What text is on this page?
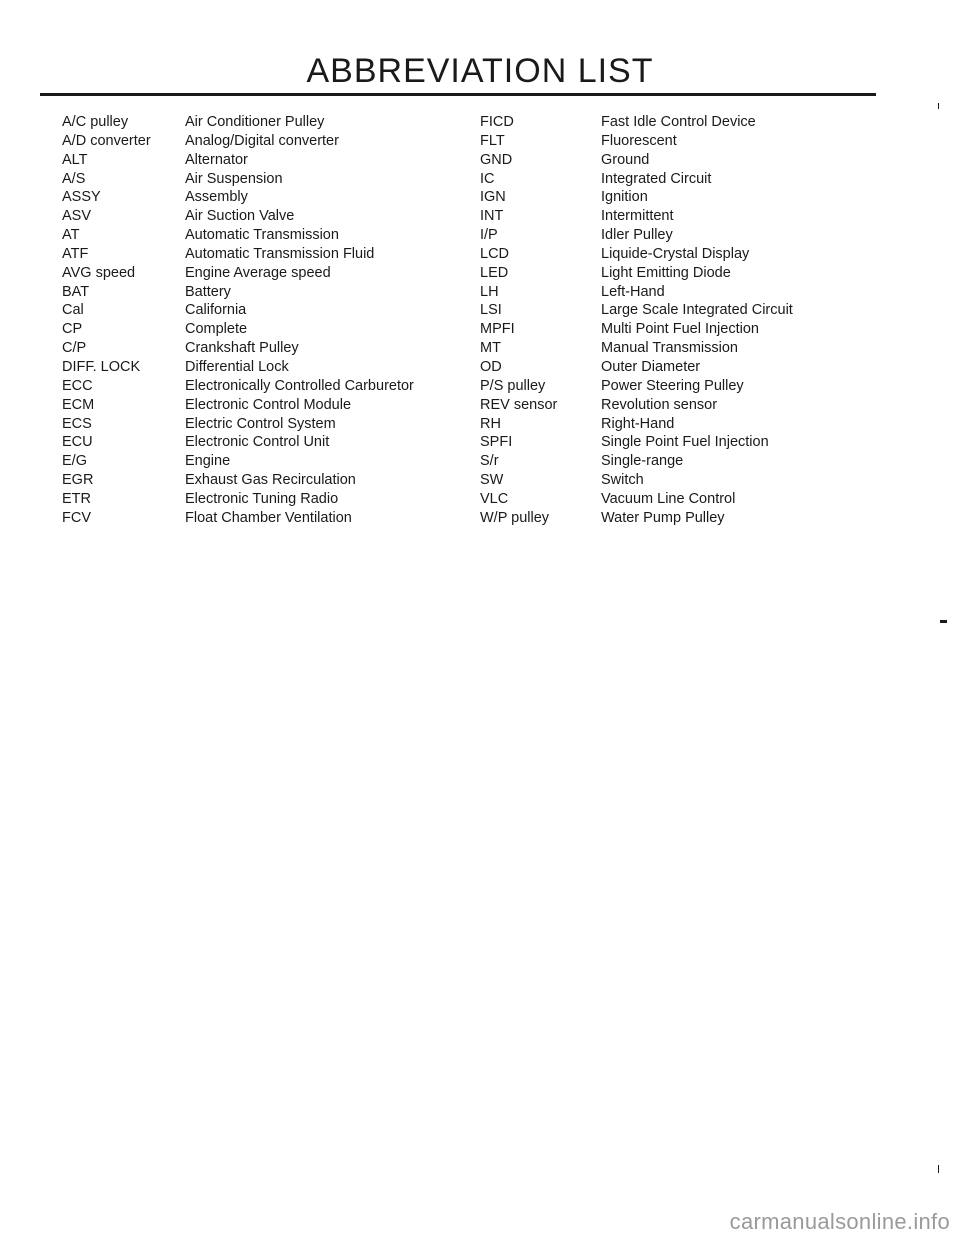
ABBREVIATION LIST
A/C pulley
A/D converter
ALT
A/S
ASSY
ASV
AT
ATF
AVG speed
BAT
Cal
CP
C/P
DIFF. LOCK
ECC
ECM
ECS
ECU
E/G
EGR
ETR
FCV
Air Conditioner Pulley
Analog/Digital converter
Alternator
Air Suspension
Assembly
Air Suction Valve
Automatic Transmission
Automatic Transmission Fluid
Engine Average speed
Battery
California
Complete
Crankshaft Pulley
Differential Lock
Electronically Controlled Carburetor
Electronic Control Module
Electric Control System
Electronic Control Unit
Engine
Exhaust Gas Recirculation
Electronic Tuning Radio
Float Chamber Ventilation
FICD
FLT
GND
IC
IGN
INT
I/P
LCD
LED
LH
LSI
MPFI
MT
OD
P/S pulley
REV sensor
RH
SPFI
S/r
SW
VLC
W/P pulley
Fast Idle Control Device
Fluorescent
Ground
Integrated Circuit
Ignition
Intermittent
Idler Pulley
Liquide-Crystal Display
Light Emitting Diode
Left-Hand
Large Scale Integrated Circuit
Multi Point Fuel Injection
Manual Transmission
Outer Diameter
Power Steering Pulley
Revolution sensor
Right-Hand
Single Point Fuel Injection
Single-range
Switch
Vacuum Line Control
Water Pump Pulley
carmanualsonline.info
